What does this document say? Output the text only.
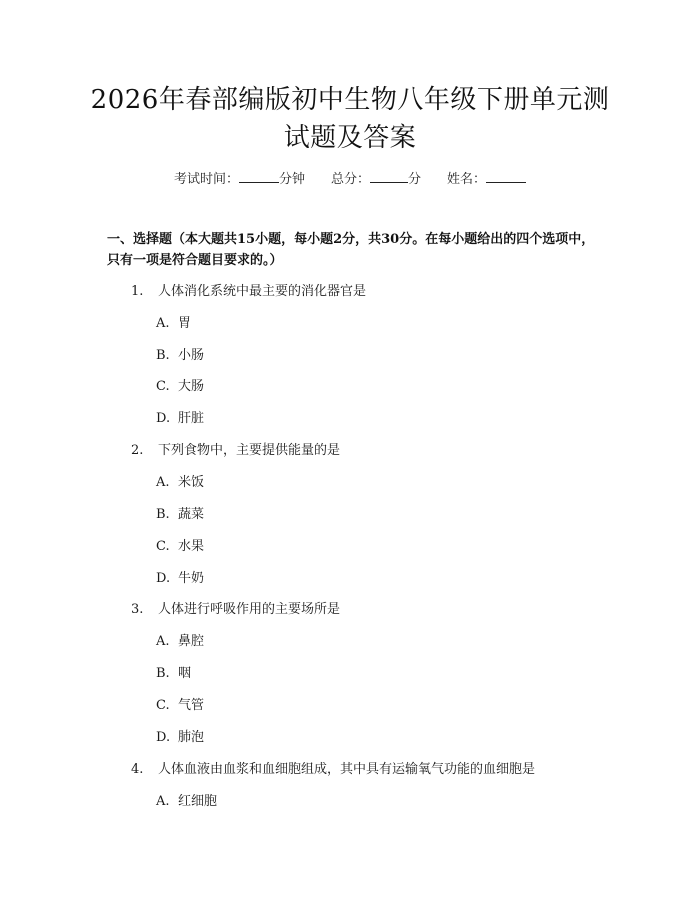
2026年春部编版初中生物八年级下册单元测
试题及答案
考试时间：	分钟 总分：	分 姓名：
一、选择题（本大题共15小题，每小题2分，共30分。在每小题给出的四个选项中，只有一项是符合题目要求的。）
1. 人体消化系统中最主要的消化器官是
A. 胃
B. 小肠
C. 大肠
D. 肝脏
2. 下列食物中，主要提供能量的是
A. 米饭
B. 蔬菜
C. 水果
D. 牛奶
3. 人体进行呼吸作用的主要场所是
A. 鼻腔
B. 咽
C. 气管
D. 肺泡
4. 人体血液由血浆和血细胞组成，其中具有运输氧气功能的血细胞是
A. 红细胞
